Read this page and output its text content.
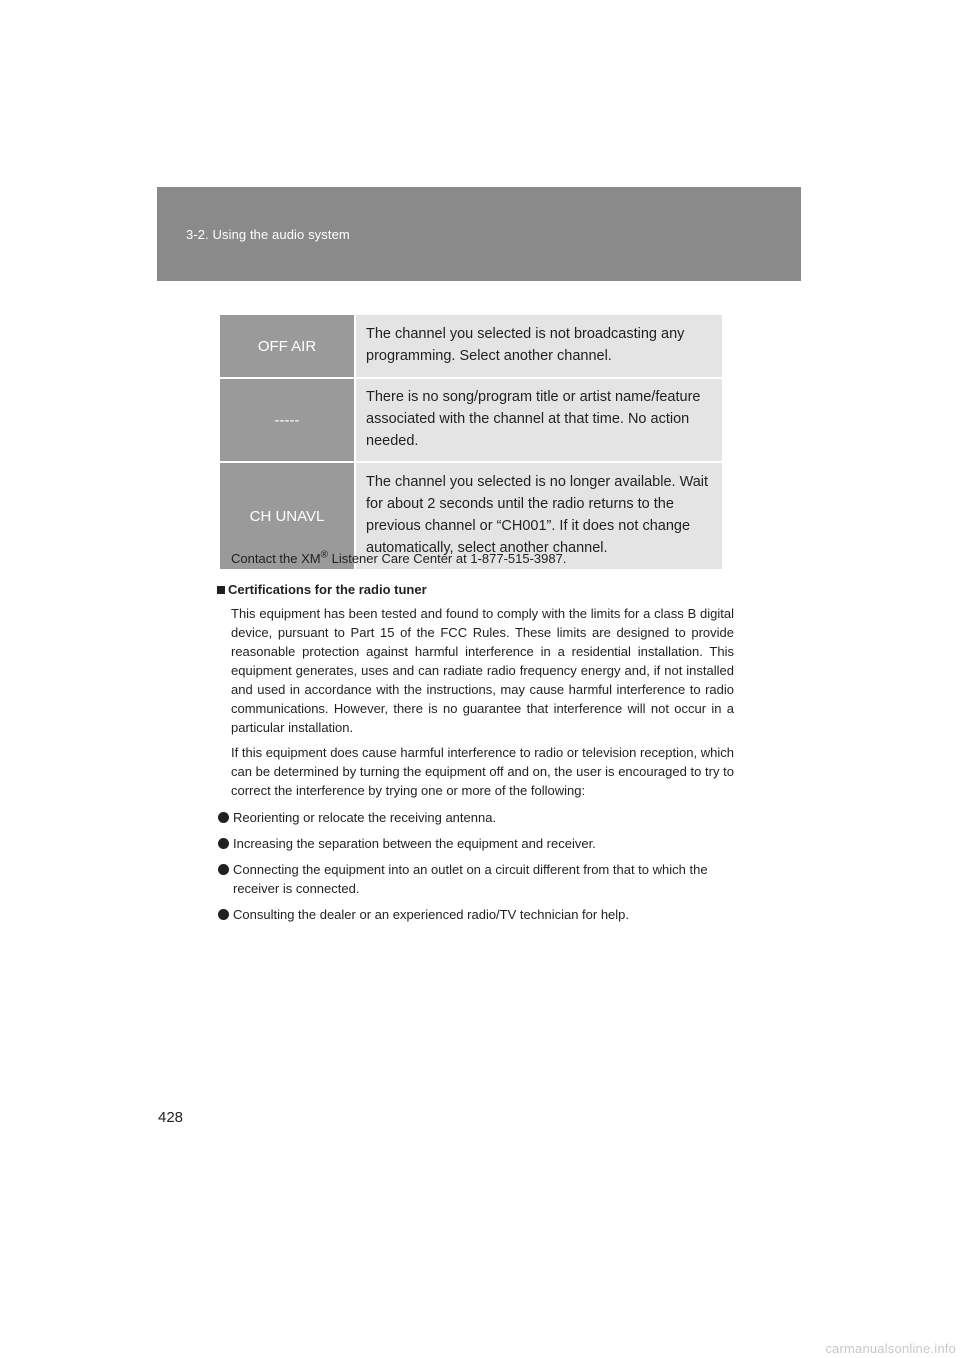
3-2. Using the audio system
OFF AIR	The channel you selected is not broadcasting any programming. Select another channel.
-----	There is no song/program title or artist name/feature associated with the channel at that time. No action needed.
CH UNAVL	The channel you selected is no longer available. Wait for about 2 seconds until the radio returns to the previous channel or “CH001”. If it does not change automatically, select another channel.
Contact the XM® Listener Care Center at 1-877-515-3987.
Certifications for the radio tuner
This equipment has been tested and found to comply with the limits for a class B digital device, pursuant to Part 15 of the FCC Rules. These limits are designed to provide reasonable protection against harmful interference in a residential installation. This equipment generates, uses and can radiate radio frequency energy and, if not installed and used in accordance with the instructions, may cause harmful interference to radio communications. However, there is no guarantee that interference will not occur in a particular installation.
If this equipment does cause harmful interference to radio or television reception, which can be determined by turning the equipment off and on, the user is encouraged to try to correct the interference by trying one or more of the following:
Reorienting or relocate the receiving antenna.
Increasing the separation between the equipment and receiver.
Connecting the equipment into an outlet on a circuit different from that to which the receiver is connected.
Consulting the dealer or an experienced radio/TV technician for help.
428
carmanualsonline.info
